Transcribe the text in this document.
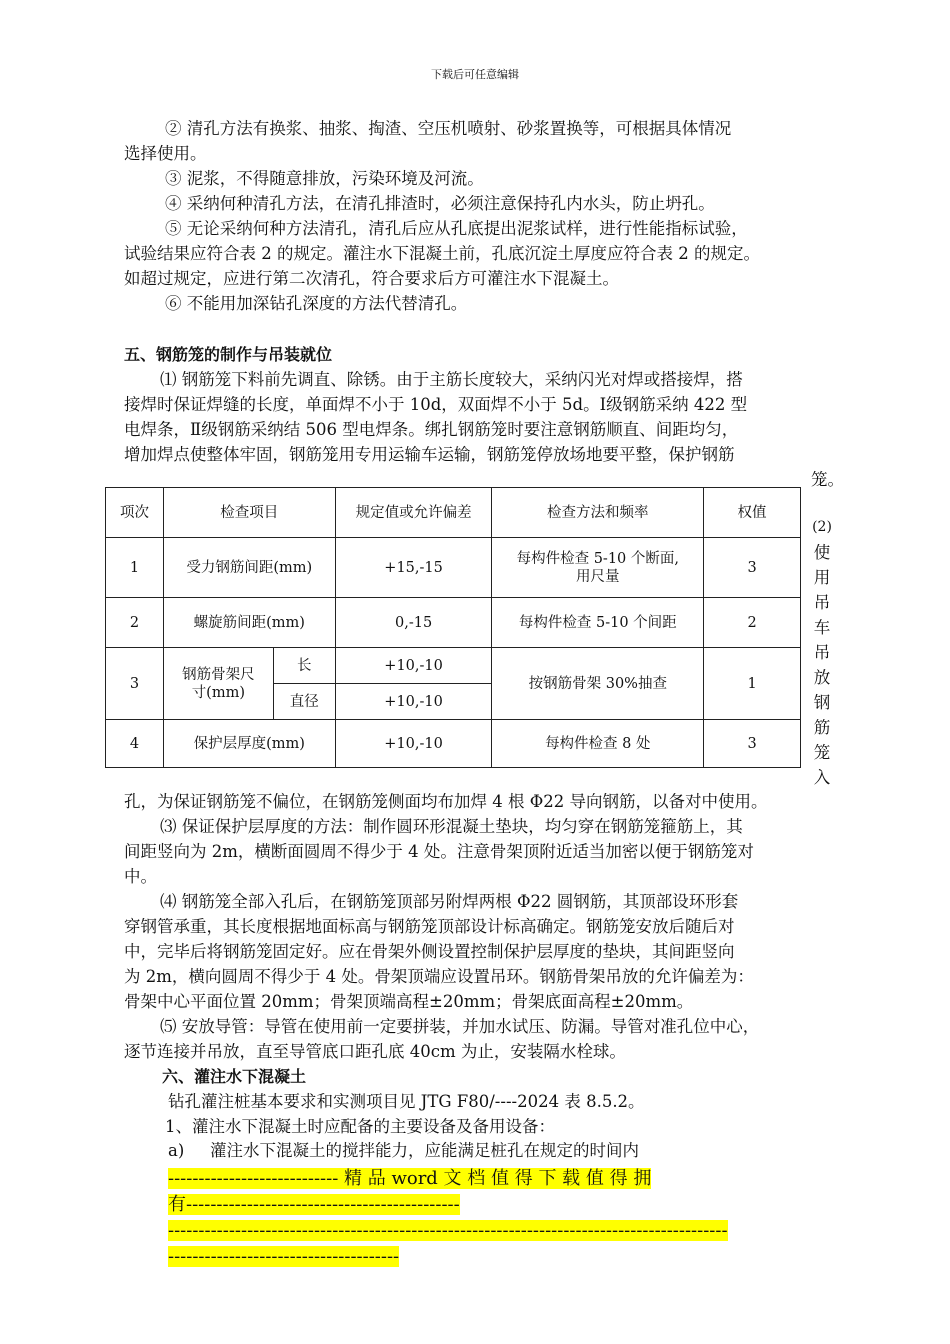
下载后可任意编辑
② 清孔方法有换浆、抽浆、掏渣、空压机喷射、砂浆置换等，可根据具体情况
选择使用。
③ 泥浆，不得随意排放，污染环境及河流。
④ 采纳何种清孔方法，在清孔排渣时，必须注意保持孔内水头，防止坍孔。
⑤ 无论采纳何种方法清孔，清孔后应从孔底提出泥浆试样，进行性能指标试验，
试验结果应符合表 2 的规定。灌注水下混凝土前，孔底沉淀土厚度应符合表 2 的规定。
如超过规定，应进行第二次清孔，符合要求后方可灌注水下混凝土。
⑥ 不能用加深钻孔深度的方法代替清孔。
五、钢筋笼的制作与吊装就位
⑴ 钢筋笼下料前先调直、除锈。由于主筋长度较大，采纳闪光对焊或搭接焊，搭
接焊时保证焊缝的长度，单面焊不小于 10d，双面焊不小于 5d。Ⅰ级钢筋采纳 422 型
电焊条，Ⅱ级钢筋采纳结 506 型电焊条。绑扎钢筋笼时要注意钢筋顺直、间距均匀，
增加焊点使整体牢固，钢筋笼用专用运输车运输，钢筋笼停放场地要平整，保护钢筋
笼。
项次	检查项目		规定值或允许偏差	检查方法和频率	权值
1	受力钢筋间距(mm)		+15,-15	每构件检查 5-10 个断面,
用尺量	3
2	螺旋筋间距(mm)		0,-15	每构件检查 5-10 个间距	2
3	钢筋骨架尺
寸(mm)	长	+10,-10	按钢筋骨架 30%抽查	1
		直径	+10,-10		
4	保护层厚度(mm)		+10,-10	每构件检查 8 处	3
(2)
使
用
吊
车
吊
放
钢
筋
笼
入
孔，为保证钢筋笼不偏位，在钢筋笼侧面均布加焊 4 根 Φ22 导向钢筋，以备对中使用。
⑶ 保证保护层厚度的方法：制作圆环形混凝土垫块，均匀穿在钢筋笼箍筋上，其
间距竖向为 2m，横断面圆周不得少于 4 处。注意骨架顶附近适当加密以便于钢筋笼对
中。
⑷ 钢筋笼全部入孔后，在钢筋笼顶部另附焊两根 Φ22 圆钢筋，其顶部设环形套
穿钢管承重，其长度根据地面标高与钢筋笼顶部设计标高确定。钢筋笼安放后随后对
中，完毕后将钢筋笼固定好。应在骨架外侧设置控制保护层厚度的垫块，其间距竖向
为 2m，横向圆周不得少于 4 处。骨架顶端应设置吊环。钢筋骨架吊放的允许偏差为：
骨架中心平面位置 20mm；骨架顶端高程±20mm；骨架底面高程±20mm。
⑸ 安放导管：导管在使用前一定要拼装，并加水试压、防漏。导管对准孔位中心，
逐节连接并吊放，直至导管底口距孔底 40cm 为止，安装隔水栓球。
六、灌注水下混凝土
钻孔灌注桩基本要求和实测项目见 JTG F80/----2024 表 8.5.2。
1、灌注水下混凝土时应配备的主要设备及备用设备：
a) 灌注水下混凝土的搅拌能力，应能满足桩孔在规定的时间内
---------------------------- 精 品 word 文 档 值 得 下 载 值 得 拥
有---------------------------------------------
--------------------------------------------------------------------------------------------
--------------------------------------
